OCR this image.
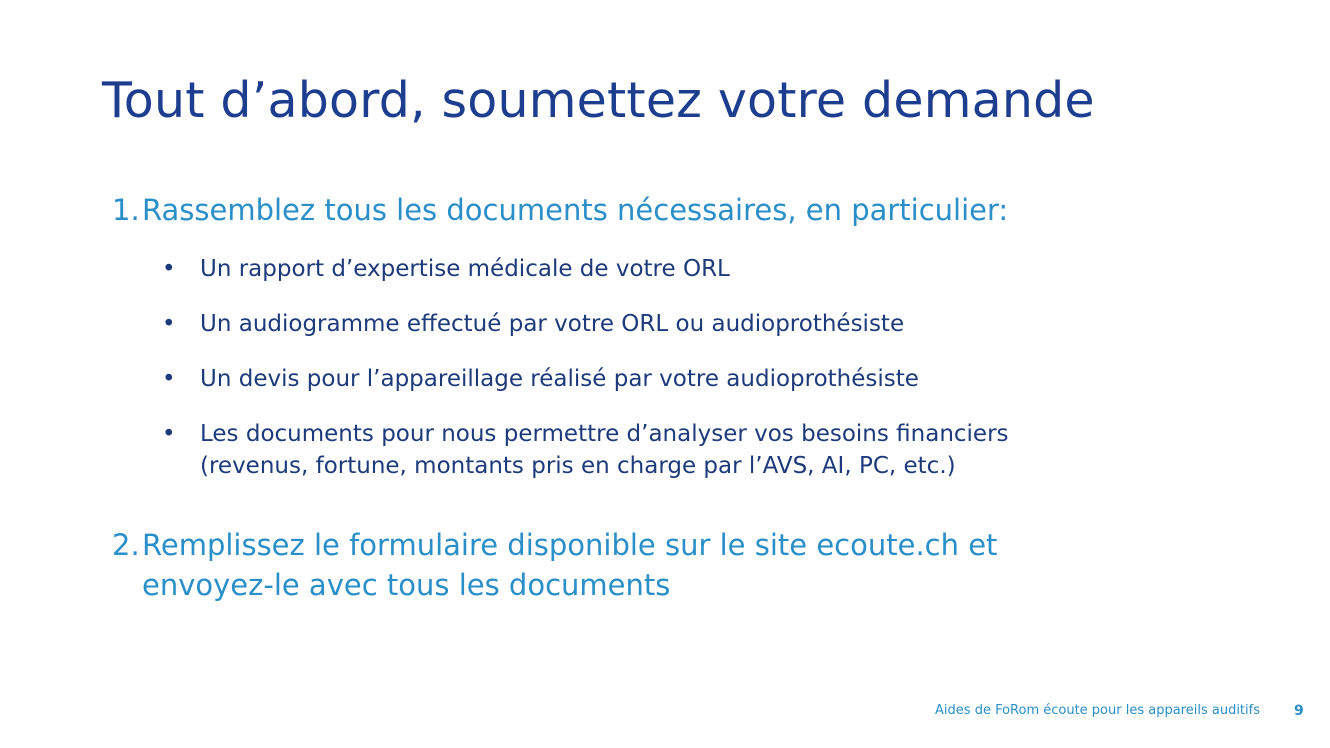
Tout d’abord, soumettez votre demande
1. Rassemblez tous les documents nécessaires, en particulier:
• Un rapport d’expertise médicale de votre ORL
• Un audiogramme effectué par votre ORL ou audioprothésiste
• Un devis pour l’appareillage réalisé par votre audioprothésiste
• Les documents pour nous permettre d’analyser vos besoins financiers (revenus, fortune, montants pris en charge par l’AVS, AI, PC, etc.)
2. Remplissez le formulaire disponible sur le site ecoute.ch et envoyez-le avec tous les documents
Aides de FoRom écoute pour les appareils auditifs 9
